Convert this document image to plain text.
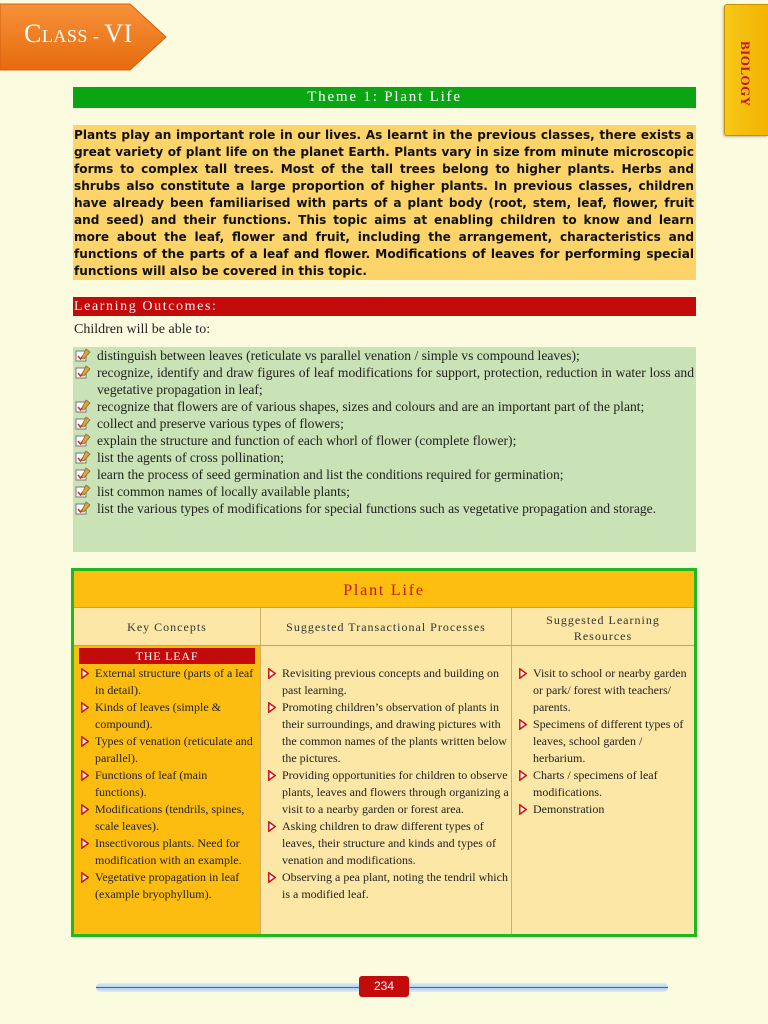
CLASS - VI
BIOLOGY
Theme 1: Plant Life
Plants play an important role in our lives. As learnt in the previous classes, there exists a great variety of plant life on the planet Earth. Plants vary in size from minute microscopic forms to complex tall trees. Most of the tall trees belong to higher plants. Herbs and shrubs also constitute a large proportion of higher plants. In previous classes, children have already been familiarised with parts of a plant body (root, stem, leaf, flower, fruit and seed) and their functions. This topic aims at enabling children to know and learn more about the leaf, flower and fruit, including the arrangement, characteristics and functions of the parts of a leaf and flower. Modifications of leaves for performing special functions will also be covered in this topic.
Learning Outcomes:
Children will be able to:
distinguish between leaves (reticulate vs parallel venation / simple vs compound leaves);
recognize, identify and draw figures of leaf modifications for support, protection, reduction in water loss and vegetative propagation in leaf;
recognize that flowers are of various shapes, sizes and colours and are an important part of the plant;
collect and preserve various types of flowers;
explain the structure and function of each whorl of flower (complete flower);
list the agents of cross pollination;
learn the process of seed germination and list the conditions required for germination;
list common names of locally available plants;
list the various types of modifications for special functions such as vegetative propagation and storage.
Plant Life
Key Concepts	Suggested Transactional Processes	Suggested Learning
Resources
THE LEAF
External structure (parts of a leaf in detail).
Kinds of leaves (simple & compound).
Types of venation (reticulate and parallel).
Functions of leaf (main functions).
Modifications (tendrils, spines, scale leaves).
Insectivorous plants. Need for modification with an example.
Vegetative propagation in leaf (example bryophyllum).
Revisiting previous concepts and building on past learning.
Promoting children’s observation of plants in their surroundings, and drawing pictures with the common names of the plants written below the pictures.
Providing opportunities for children to observe plants, leaves and flowers through organizing a visit to a nearby garden or forest area.
Asking children to draw different types of leaves, their structure and kinds and types of venation and modifications.
Observing a pea plant, noting the tendril which is a modified leaf.
Visit to school or nearby garden or park/ forest with teachers/ parents.
Specimens of different types of leaves, school garden / herbarium.
Charts / specimens of leaf modifications.
Demonstration
234
